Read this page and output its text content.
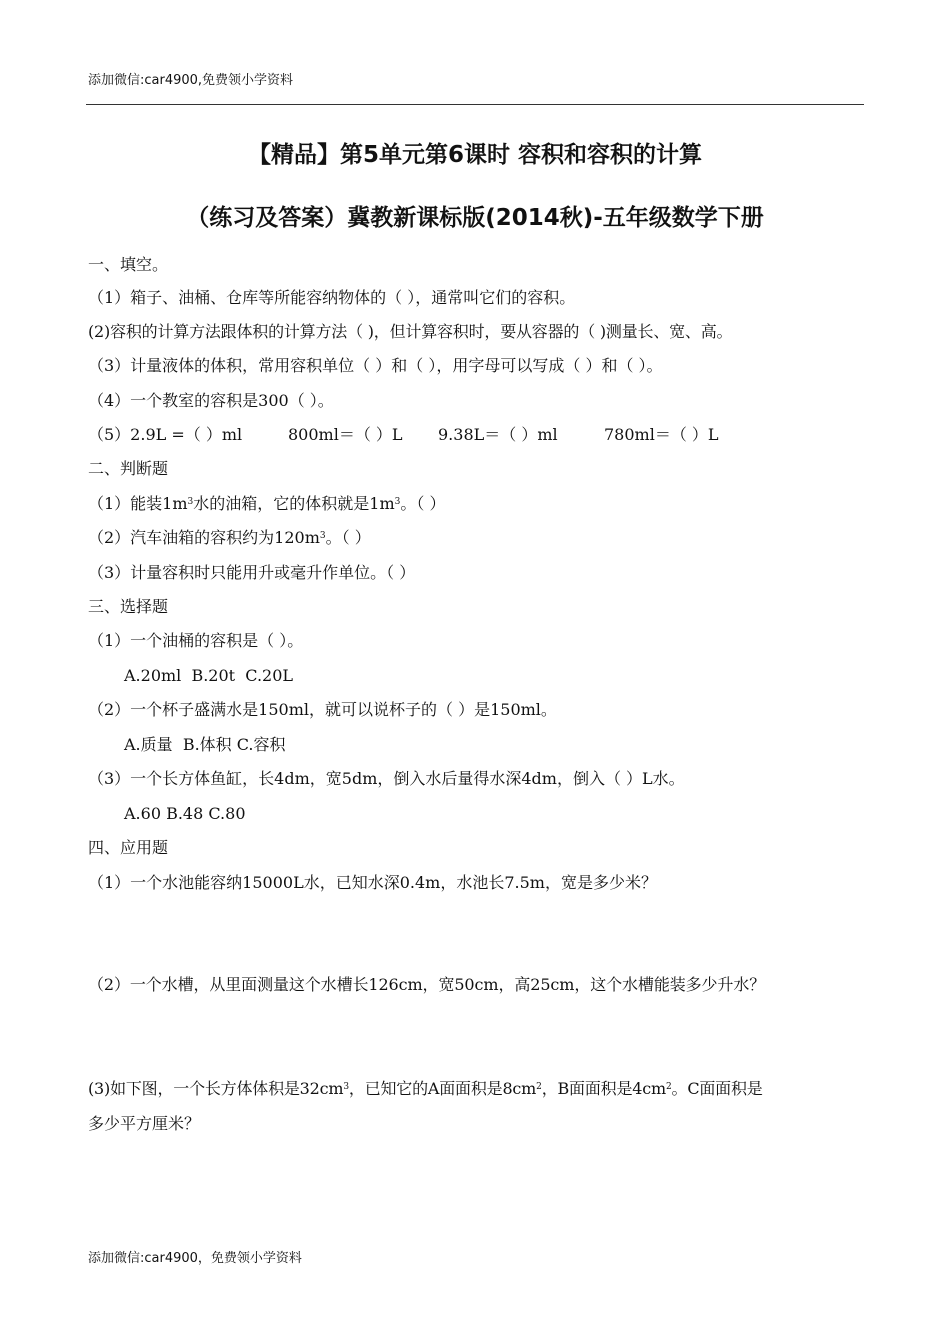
添加微信:car4900,免费领小学资料
【精品】第5单元第6课时 容积和容积的计算
（练习及答案）冀教新课标版(2014秋)-五年级数学下册
一、填空。
（1）箱子、油桶、仓库等所能容纳物体的（ ），通常叫它们的容积。
(2)容积的计算方法跟体积的计算方法（ )，但计算容积时，要从容器的（ )测量长、宽、高。
（3）计量液体的体积，常用容积单位（ ）和（ ），用字母可以写成（ ）和（ ）。
（4）一个教室的容积是300（ ）。
（5）2.9L =（ ）ml	800ml＝（ ）L 9.38L＝（ ）ml	780ml＝（ ）L
二、判断题
（1）能装$1m^3$水的油箱，它的体积就是$1m^3$。（ ）
（2）汽车油箱的容积约为$120m^3$。（ ）
（3）计量容积时只能用升或毫升作单位。（ ）
三、选择题
（1）一个油桶的容积是（ ）。
A.20ml  B.20t  C.20L
（2）一个杯子盛满水是150ml，就可以说杯子的（ ）是150ml。
A.质量  B.体积 C.容积
（3）一个长方体鱼缸，长4dm，宽5dm，倒入水后量得水深4dm，倒入（ ）L水。
A.60 B.48 C.80
四、应用题
（1）一个水池能容纳15000L水，已知水深0.4m，水池长7.5m，宽是多少米？
（2）一个水槽，从里面测量这个水槽长126cm，宽50cm，高25cm，这个水槽能装多少升水？
(3)如下图，一个长方体体积是$32cm^3$，已知它的A面面积是$8cm^2$，B面面积是$4cm^2$。C面面积是
多少平方厘米？
添加微信:car4900，免费领小学资料
